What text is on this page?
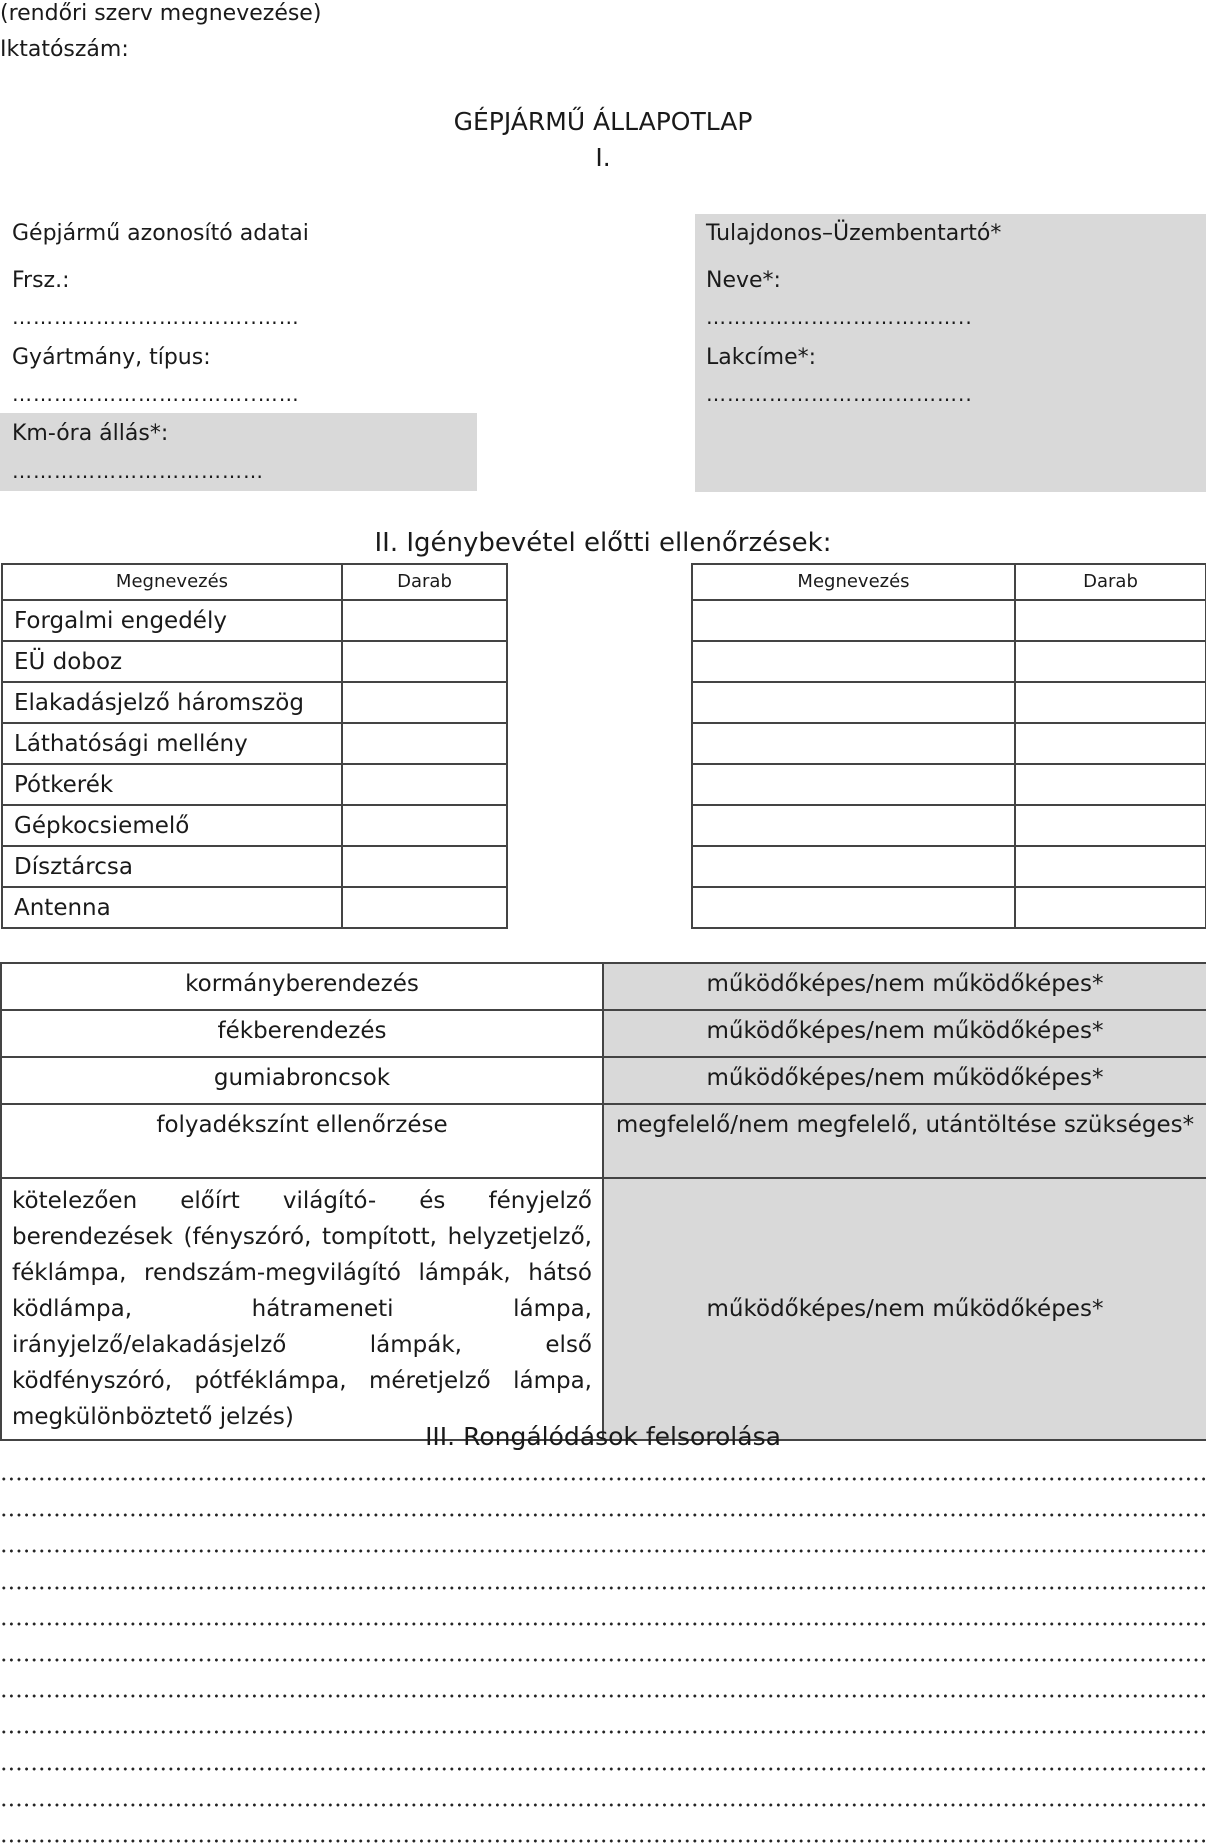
(rendőri szerv megnevezése)
Iktatószám:
GÉPJÁRMŰ ÁLLAPOTLAP
I.
Gépjármű azonosító adatai
Frsz.:
……………………………..……
Gyártmány, típus:
……………………………..……
Km-óra állás*:
………………………………
Tulajdonos–Üzembentartó*
Neve*:
………………………………..
Lakcíme*:
………………………………..
II. Igénybevétel előtti ellenőrzések:
Megnevezés	Darab
Forgalmi engedély	
EÜ doboz	
Elakadásjelző háromszög	
Láthatósági mellény	
Pótkerék	
Gépkocsiemelő	
Dísztárcsa	
Antenna	
Megnevezés	Darab

kormányberendezés	működőképes/nem működőképes*
fékberendezés	működőképes/nem működőképes*
gumiabroncsok	működőképes/nem működőképes*
folyadékszínt ellenőrzése	megfelelő/nem megfelelő, utántöltése szükséges*
kötelezően előírt világító- és fényjelző berendezések (fényszóró, tompított, helyzetjelző, féklámpa, rendszám-megvilágító lámpák, hátsó ködlámpa, hátrameneti lámpa, irányjelző/elakadásjelző lámpák, első ködfényszóró, pótféklámpa, méretjelző lámpa, megkülönböztető jelzés)	működőképes/nem működőképes*
III. Rongálódások felsorolása
